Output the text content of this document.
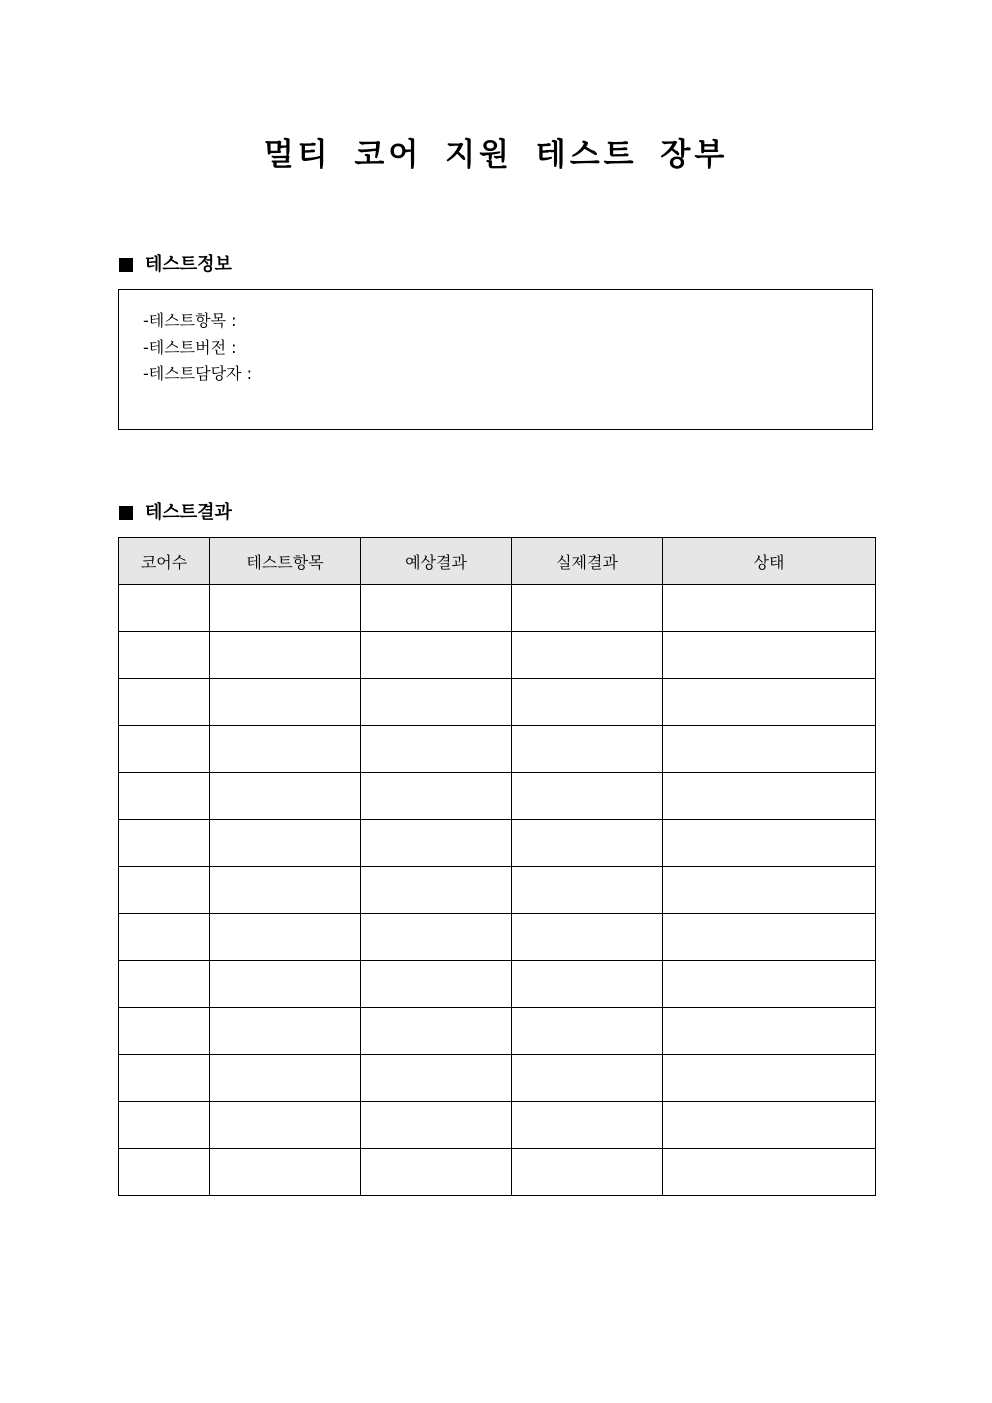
멀티 코어 지원 테스트 장부
테스트정보
-테스트항목 :
-테스트버전 :
-테스트담당자 :
테스트결과
코어수	테스트항목	예상결과	실제결과	상태
